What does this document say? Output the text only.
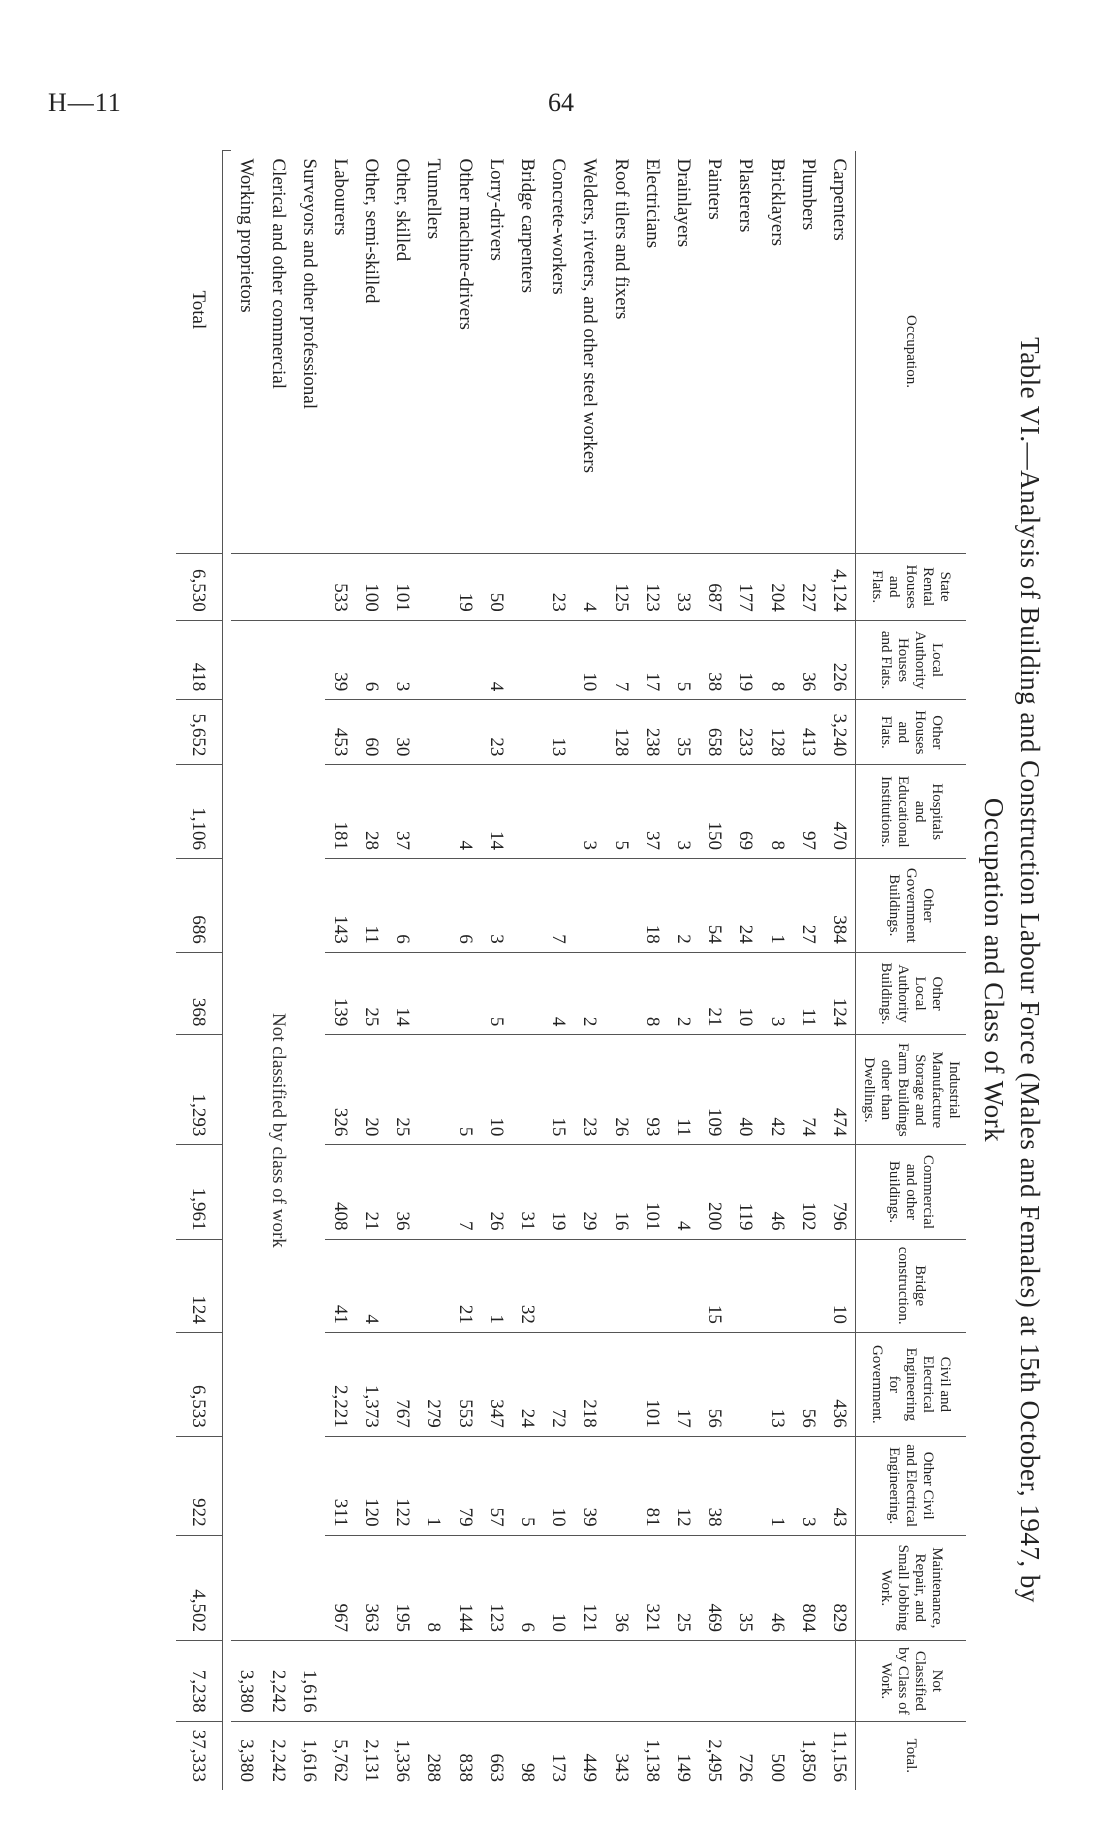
H—11	64
Table VI.—Analysis of Building and Construction Labour Force (Males and Females) at 15th October, 1947, by
Occupation and Class of Work
Occupation.	State Rental Houses and Flats.	Local Authority Houses and Flats.	Other Houses and Flats.	Hospitals and Educational Institutions.	Other Government Buildings.	Other Local Authority Buildings.	Industrial Manufacture Storage and Farm Buildings other than Dwellings.	Commercial and other Buildings.	Bridge construction.	Civil and Electrical Engineering for Government.	Other Civil and Electrical Engineering.	Maintenance, Repair, and Small Jobbing Work.	Not Classified by Class of Work.	Total.
Carpenters	4,124	226	3,240	470	384	124	474	796	10	436	43	829		11,156
Plumbers	227	36	413	97	27	11	74	102		56	3	804		1,850
Bricklayers	204	8	128	8	1	3	42	46		13	1	46		500
Plasterers	177	19	233	69	24	10	40	119				35		726
Painters	687	38	658	150	54	21	109	200	15	56	38	469		2,495
Drainlayers	33	5	35	3	2	2	11	4		17	12	25		149
Electricians	123	17	238	37	18	8	93	101		101	81	321		1,138
Roof tilers and fixers	125	7	128	5			26	16				36		343
Welders, riveters, and other steel workers	4	10		3		2	23	29		218	39	121		449
Concrete-workers	23		13		7	4	15	19		72	10	10		173
Bridge carpenters								31	32	24	5	6		98
Lorry-drivers	50	4	23	14	3	5	10	26	1	347	57	123		663
Other machine-drivers	19			4	6		5	7	21	553	79	144		838
Tunnellers										279	1	8		288
Other, skilled	101	3	30	37	6	14	25	36		767	122	195		1,336
Other, semi-skilled	100	6	60	28	11	25	20	21	4	1,373	120	363		2,131
Labourers	533	39	453	181	143	139	326	408	41	2,221	311	967		5,762
Surveyors and other professional		Not classified by class of work											1,616	1,616
Clerical and other commercial													2,242	2,242
Working proprietors													3,380	3,380

Total	6,530	418	5,652	1,106	686	368	1,293	1,961	124	6,533	922	4,502	7,238	37,333
